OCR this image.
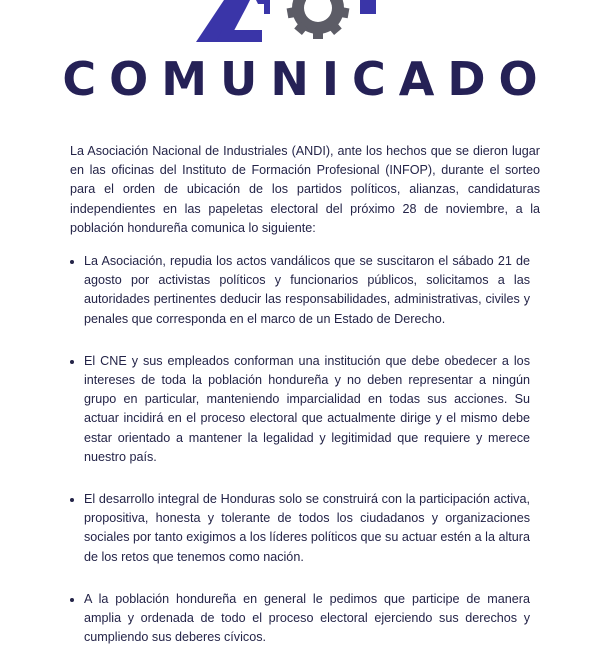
COMUNICADO

La Asociación Nacional de Industriales (ANDI), ante los hechos que se dieron lugar en las oficinas del Instituto de Formación Profesional (INFOP), durante el sorteo para el orden de ubicación de los partidos políticos, alianzas, candidaturas independientes en las papeletas electoral del próximo 28 de noviembre, a la población hondureña comunica lo siguiente:

La Asociación, repudia los actos vandálicos que se suscitaron el sábado 21 de agosto por activistas políticos y funcionarios públicos, solicitamos a las autoridades pertinentes deducir las responsabilidades, administrativas, civiles y penales que corresponda en el marco de un Estado de Derecho.
El CNE y sus empleados conforman una institución que debe obedecer a los intereses de toda la población hondureña y no deben representar a ningún grupo en particular, manteniendo imparcialidad en todas sus acciones. Su actuar incidirá en el proceso electoral que actualmente dirige y el mismo debe estar orientado a mantener la legalidad y legitimidad que requiere y merece nuestro país.
El desarrollo integral de Honduras solo se construirá con la participación activa, propositiva, honesta y tolerante de todos los ciudadanos y organizaciones sociales por tanto exigimos a los líderes políticos que su actuar estén a la altura de los retos que tenemos como nación.
A la población hondureña en general le pedimos que participe de manera amplia y ordenada de todo el proceso electoral ejerciendo sus derechos y cumpliendo sus deberes cívicos.
